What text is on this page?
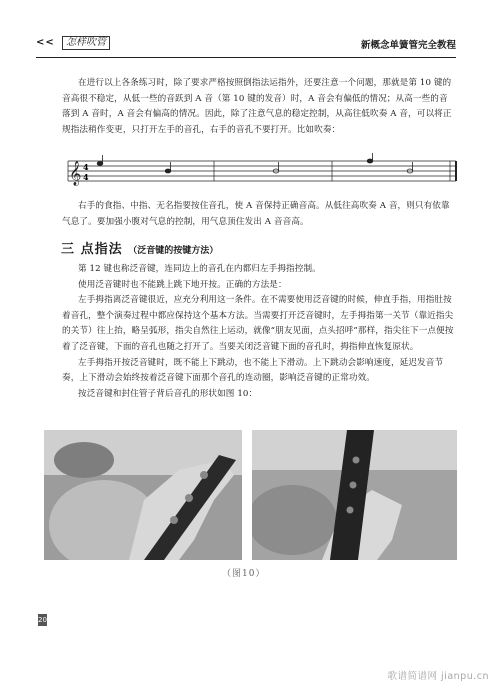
<<	怎样吹管	新概念单簧管完全教程

在进行以上各条练习时，除了要求严格按照倒指法运指外，还要注意一个问题，那就是第 10 键的音高很不稳定，从低一些的音跃到 A 音（第 10 键的发音）时，A 音会有偏低的情况；从高一些的音落到 A 音时，A 音会有偏高的情况。因此，除了注意气息的稳定控制，从高往低吹奏 A 音，可以将正规指法稍作变更，只打开左手的音孔，右手的音孔不要打开。比如吹奏：

𝄞 4
4

右手的食指、中指、无名指要按住音孔，使 A 音保持正确音高。从低往高吹奏 A 音，则只有依靠气息了。要加强小腹对气息的控制，用气息顶住发出 A 音音高。

三 点指法 （泛音键的按键方法）

第 12 键也称泛音键，连同边上的音孔在内都归左手拇指控制。

使用泛音键时也不能跳上跳下地开按。正确的方法是：

左手拇指离泛音键很近，应充分利用这一条件。在不需要使用泛音键的时候，伸直手指，用指肚按着音孔，整个演奏过程中都应保持这个基本方法。当需要打开泛音键时，左手拇指第一关节（靠近指尖的关节）往上抬，略呈弧形，指尖自然往上运动，就像“朋友见面，点头招呼”那样，指尖往下一点便按着了泛音键，下面的音孔也随之打开了。当要关闭泛音键下面的音孔时，拇指伸直恢复原状。

左手拇指开按泛音键时，既不能上下跳动，也不能上下滑动。上下跳动会影响速度，延迟发音节奏，上下滑动会始终按着泛音键下面那个音孔的连动圈，影响泛音键的正常功效。

按泛音键和封住管子背后音孔的形状如图 10：

（图10）
20
歌谱简谱网 jianpu.cn
